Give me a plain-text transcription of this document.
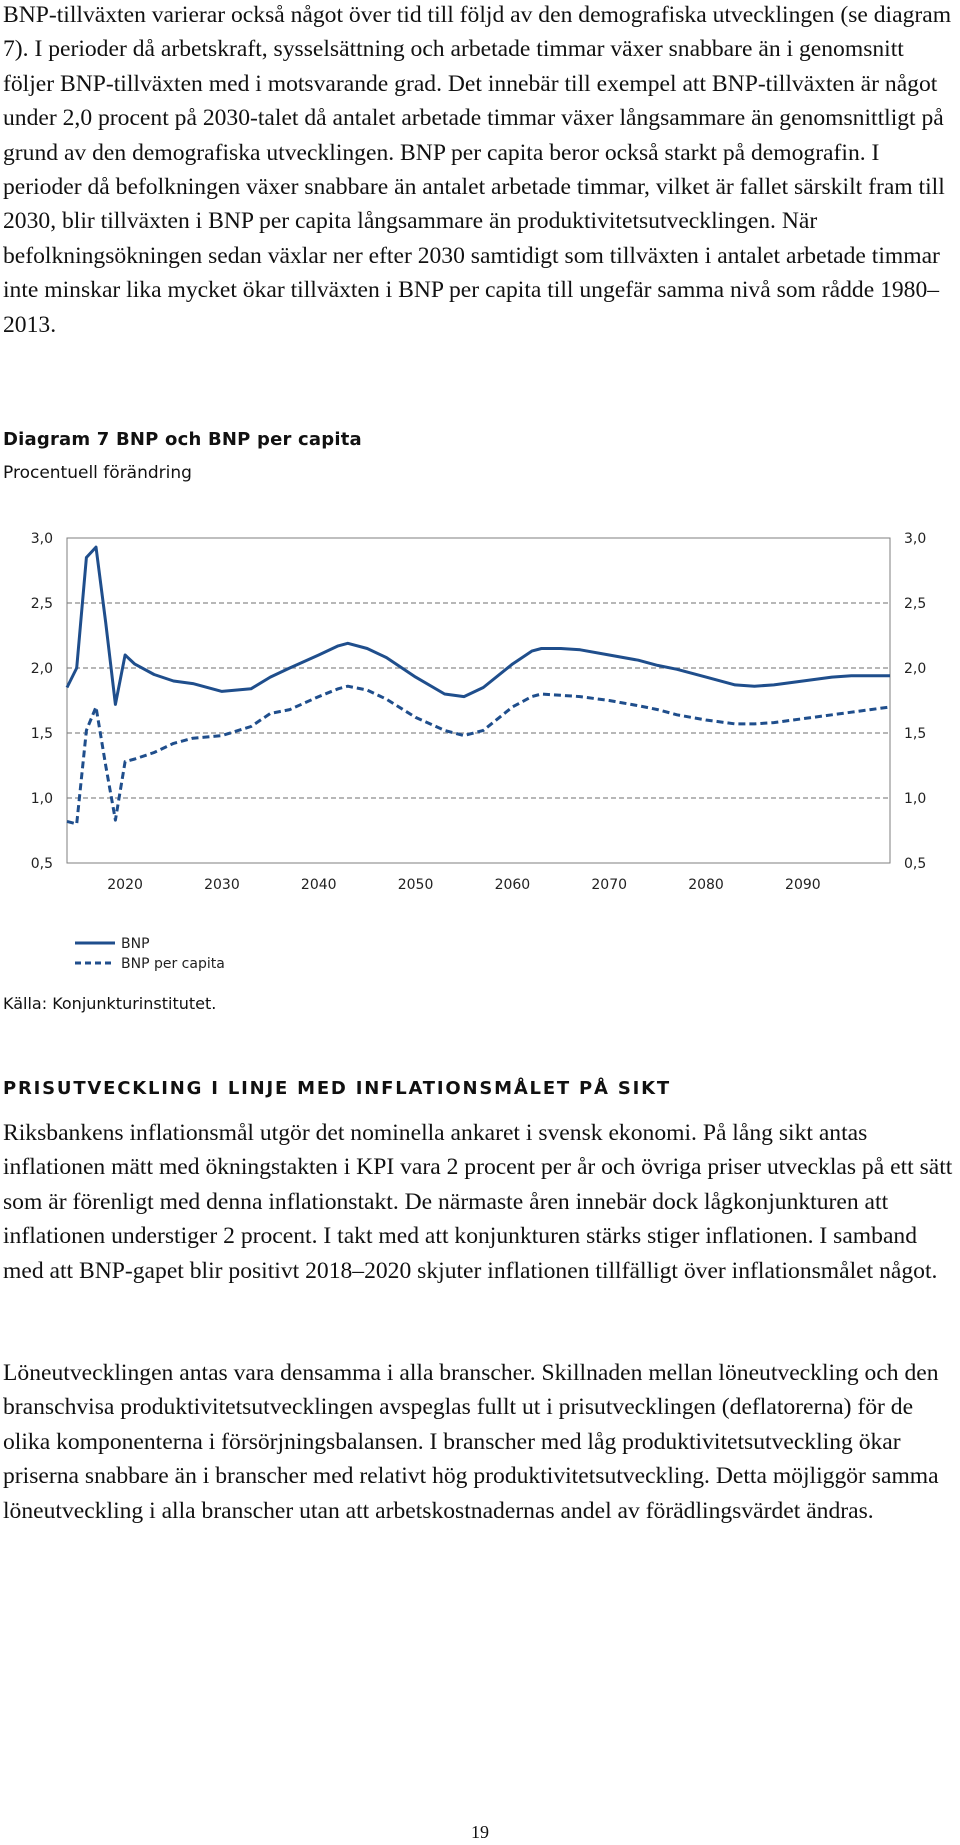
BNP-tillväxten varierar också något över tid till följd av den demografiska utvecklingen (se diagram 7). I perioder då arbetskraft, sysselsättning och arbetade timmar växer snabbare än i genomsnitt följer BNP-tillväxten med i motsvarande grad. Det innebär till exempel att BNP-tillväxten är något under 2,0 procent på 2030-talet då antalet arbetade timmar växer långsammare än genomsnittligt på grund av den demografiska utvecklingen. BNP per capita beror också starkt på demografin. I perioder då befolkningen växer snabbare än antalet arbetade timmar, vilket är fallet särskilt fram till 2030, blir tillväxten i BNP per capita långsammare än produktivitetsutvecklingen. När befolkningsökningen sedan växlar ner efter 2030 samtidigt som tillväxten i antalet arbetade timmar inte minskar lika mycket ökar tillväxten i BNP per capita till ungefär samma nivå som rådde 1980–2013.

Diagram 7 BNP och BNP per capita

Procentuell förändring

3,0
2,5
2,0
1,5
1,0
0,5
3,0
2,5
2,0
1,5
1,0
0,5
2020	2030	2040	2050	2060	2070	2080	2090
BNP
BNP per capita

Källa: Konjunkturinstitutet.

PRISUTVECKLING I LINJE MED INFLATIONSMÅLET PÅ SIKT

Riksbankens inflationsmål utgör det nominella ankaret i svensk ekonomi. På lång sikt antas inflationen mätt med ökningstakten i KPI vara 2 procent per år och övriga priser utvecklas på ett sätt som är förenligt med denna inflationstakt. De närmaste åren innebär dock lågkonjunkturen att inflationen understiger 2 procent. I takt med att konjunkturen stärks stiger inflationen. I samband med att BNP-gapet blir positivt 2018–2020 skjuter inflationen tillfälligt över inflationsmålet något.

Löneutvecklingen antas vara densamma i alla branscher. Skillnaden mellan löneutveckling och den branschvisa produktivitetsutvecklingen avspeglas fullt ut i prisutvecklingen (deflatorerna) för de olika komponenterna i försörjningsbalansen. I branscher med låg produktivitetsutveckling ökar priserna snabbare än i branscher med relativt hög produktivitetsutveckling. Detta möjliggör samma löneutveckling i alla branscher utan att arbetskostnadernas andel av förädlingsvärdet ändras.

19
